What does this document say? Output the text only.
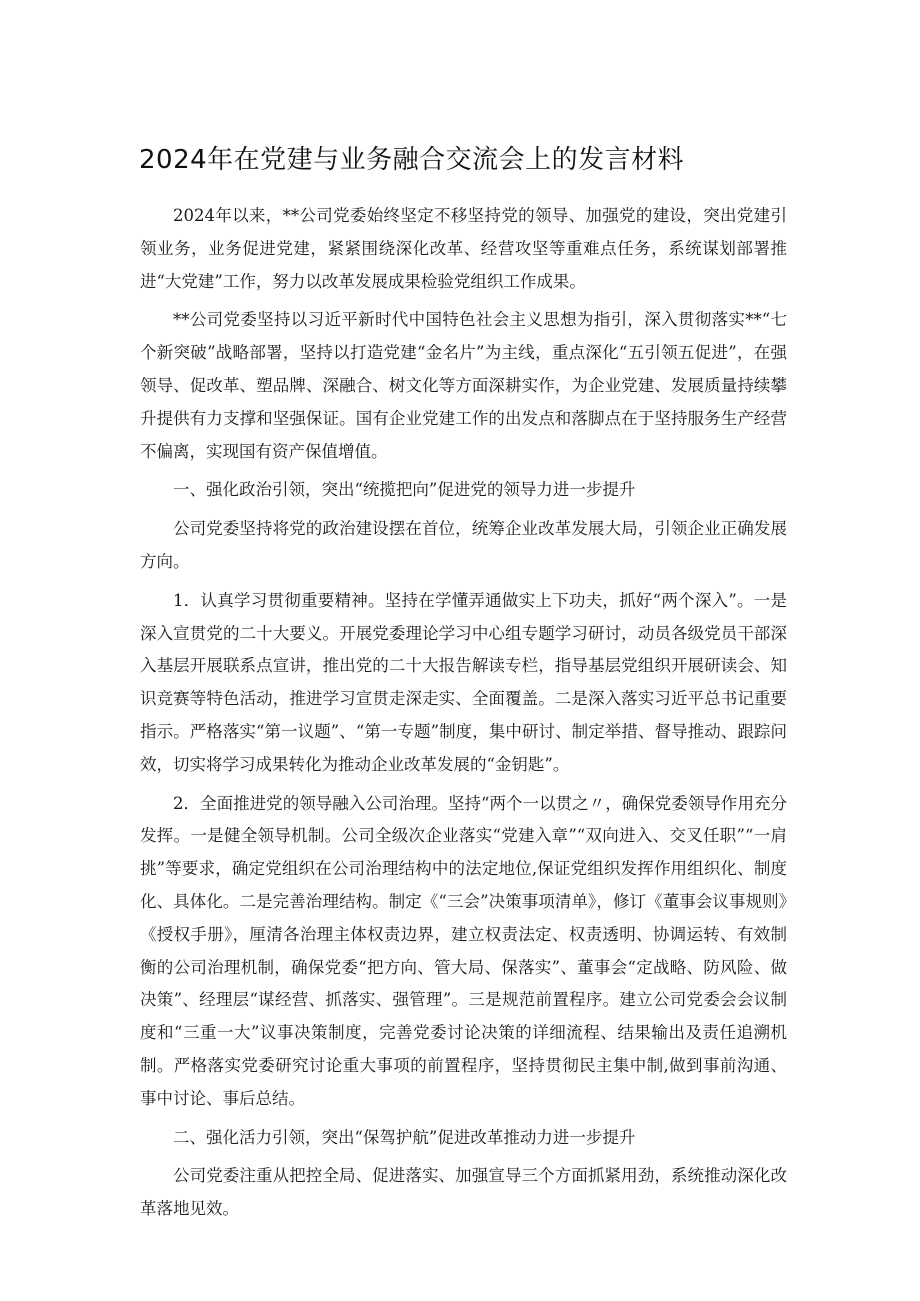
2024年在党建与业务融合交流会上的发言材料

2024年以来，**公司党委始终坚定不移坚持党的领导、加强党的建设，突出党建引领业务，业务促进党建，紧紧围绕深化改革、经营攻坚等重难点任务，系统谋划部署推进“大党建”工作，努力以改革发展成果检验党组织工作成果。

**公司党委坚持以习近平新时代中国特色社会主义思想为指引，深入贯彻落实**“七个新突破”战略部署，坚持以打造党建“金名片”为主线，重点深化“五引领五促进”，在强领导、促改革、塑品牌、深融合、树文化等方面深耕实作，为企业党建、发展质量持续攀升提供有力支撑和坚强保证。国有企业党建工作的出发点和落脚点在于坚持服务生产经营不偏离，实现国有资产保值增值。

一、强化政治引领，突出“统揽把向”促进党的领导力进一步提升

公司党委坚持将党的政治建设摆在首位，统筹企业改革发展大局，引领企业正确发展方向。

1．认真学习贯彻重要精神。坚持在学懂弄通做实上下功夫，抓好“两个深入”。一是深入宣贯党的二十大要义。开展党委理论学习中心组专题学习研讨，动员各级党员干部深入基层开展联系点宣讲，推出党的二十大报告解读专栏，指导基层党组织开展研读会、知识竞赛等特色活动，推进学习宣贯走深走实、全面覆盖。二是深入落实习近平总书记重要指示。严格落实“第一议题”、“第一专题”制度，集中研讨、制定举措、督导推动、跟踪问效，切实将学习成果转化为推动企业改革发展的“金钥匙”。

2．全面推进党的领导融入公司治理。坚持“两个一以贯之〃，确保党委领导作用充分发挥。一是健全领导机制。公司全级次企业落实“党建入章”“双向进入、交叉任职”“一肩挑”等要求，确定党组织在公司治理结构中的法定地位,保证党组织发挥作用组织化、制度化、具体化。二是完善治理结构。制定《“三会”决策事项清单》，修订《董事会议事规则》《授权手册》，厘清各治理主体权责边界，建立权责法定、权责透明、协调运转、有效制衡的公司治理机制，确保党委“把方向、管大局、保落实”、董事会“定战略、防风险、做决策”、经理层“谋经营、抓落实、强管理”。三是规范前置程序。建立公司党委会会议制度和“三重一大”议事决策制度，完善党委讨论决策的详细流程、结果输出及责任追溯机制。严格落实党委研究讨论重大事项的前置程序，坚持贯彻民主集中制,做到事前沟通、事中讨论、事后总结。

二、强化活力引领，突出“保驾护航”促进改革推动力进一步提升

公司党委注重从把控全局、促进落实、加强宣导三个方面抓紧用劲，系统推动深化改革落地见效。
